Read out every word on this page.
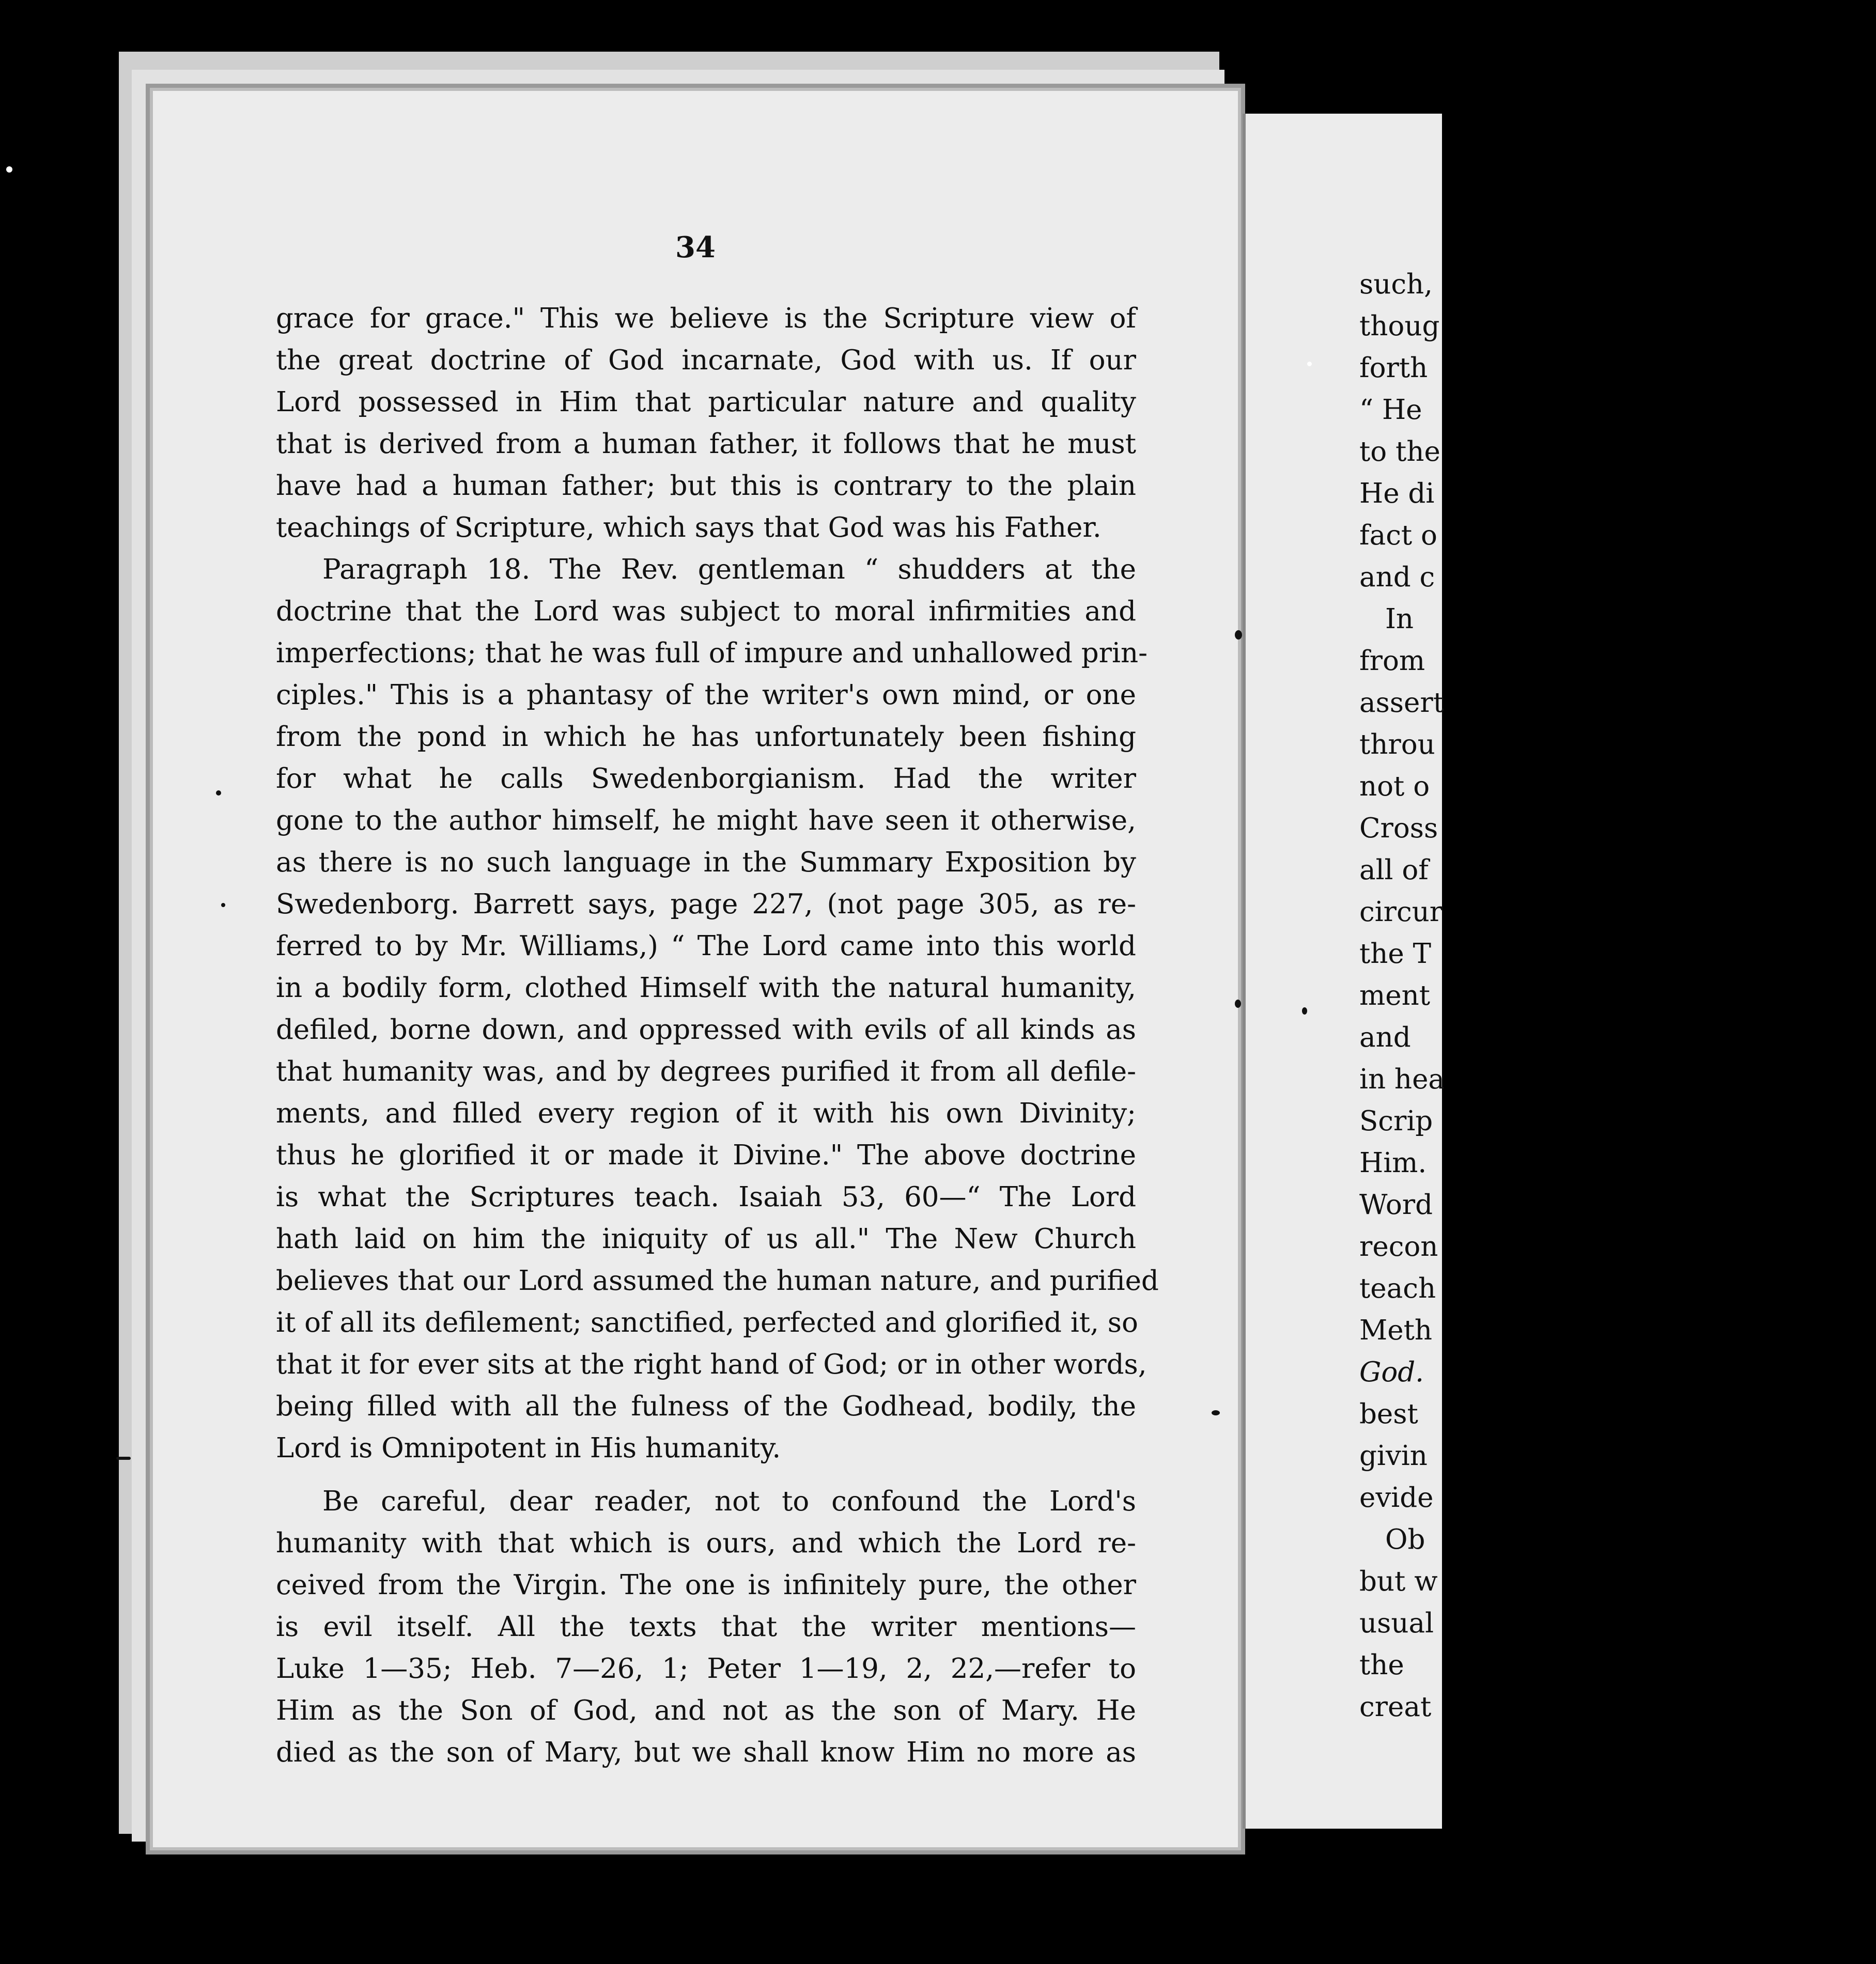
34

grace for grace." This we believe is the Scripture view of
the great doctrine of God incarnate, God with us. If our
Lord possessed in Him that particular nature and quality
that is derived from a human father, it follows that he must
have had a human father; but this is contrary to the plain
teachings of Scripture, which says that God was his Father.
Paragraph 18. The Rev. gentleman “ shudders at the
doctrine that the Lord was subject to moral infirmities and
imperfections; that he was full of impure and unhallowed prin-
ciples." This is a phantasy of the writer's own mind, or one
from the pond in which he has unfortunately been fishing
for what he calls Swedenborgianism. Had the writer
gone to the author himself, he might have seen it otherwise,
as there is no such language in the Summary Exposition by
Swedenborg. Barrett says, page 227, (not page 305, as re-
ferred to by Mr. Williams,) “ The Lord came into this world
in a bodily form, clothed Himself with the natural humanity,
defiled, borne down, and oppressed with evils of all kinds as
that humanity was, and by degrees purified it from all defile-
ments, and filled every region of it with his own Divinity;
thus he glorified it or made it Divine." The above doctrine
is what the Scriptures teach. Isaiah 53, 60—“ The Lord
hath laid on him the iniquity of us all." The New Church
believes that our Lord assumed the human nature, and purified
it of all its defilement; sanctified, perfected and glorified it, so
that it for ever sits at the right hand of God; or in other words,
being filled with all the fulness of the Godhead, bodily, the
Lord is Omnipotent in His humanity.
Be careful, dear reader, not to confound the Lord's
humanity with that which is ours, and which the Lord re-
ceived from the Virgin. The one is infinitely pure, the other
is evil itself. All the texts that the writer mentions—
Luke 1—35; Heb. 7—26, 1; Peter 1—19, 2, 22,—refer to
Him as the Son of God, and not as the son of Mary. He
died as the son of Mary, but we shall know Him no more as
such,
thoug
forth
“ He
to the
He di
fact o
and c
In
from
assert
throu
not o
Cross
all of
circur
the T
ment
and
in hea
Scrip
Him.
Word
recon
teach
Meth
God.
best
givin
evide
Ob
but w
usual
the
creat
